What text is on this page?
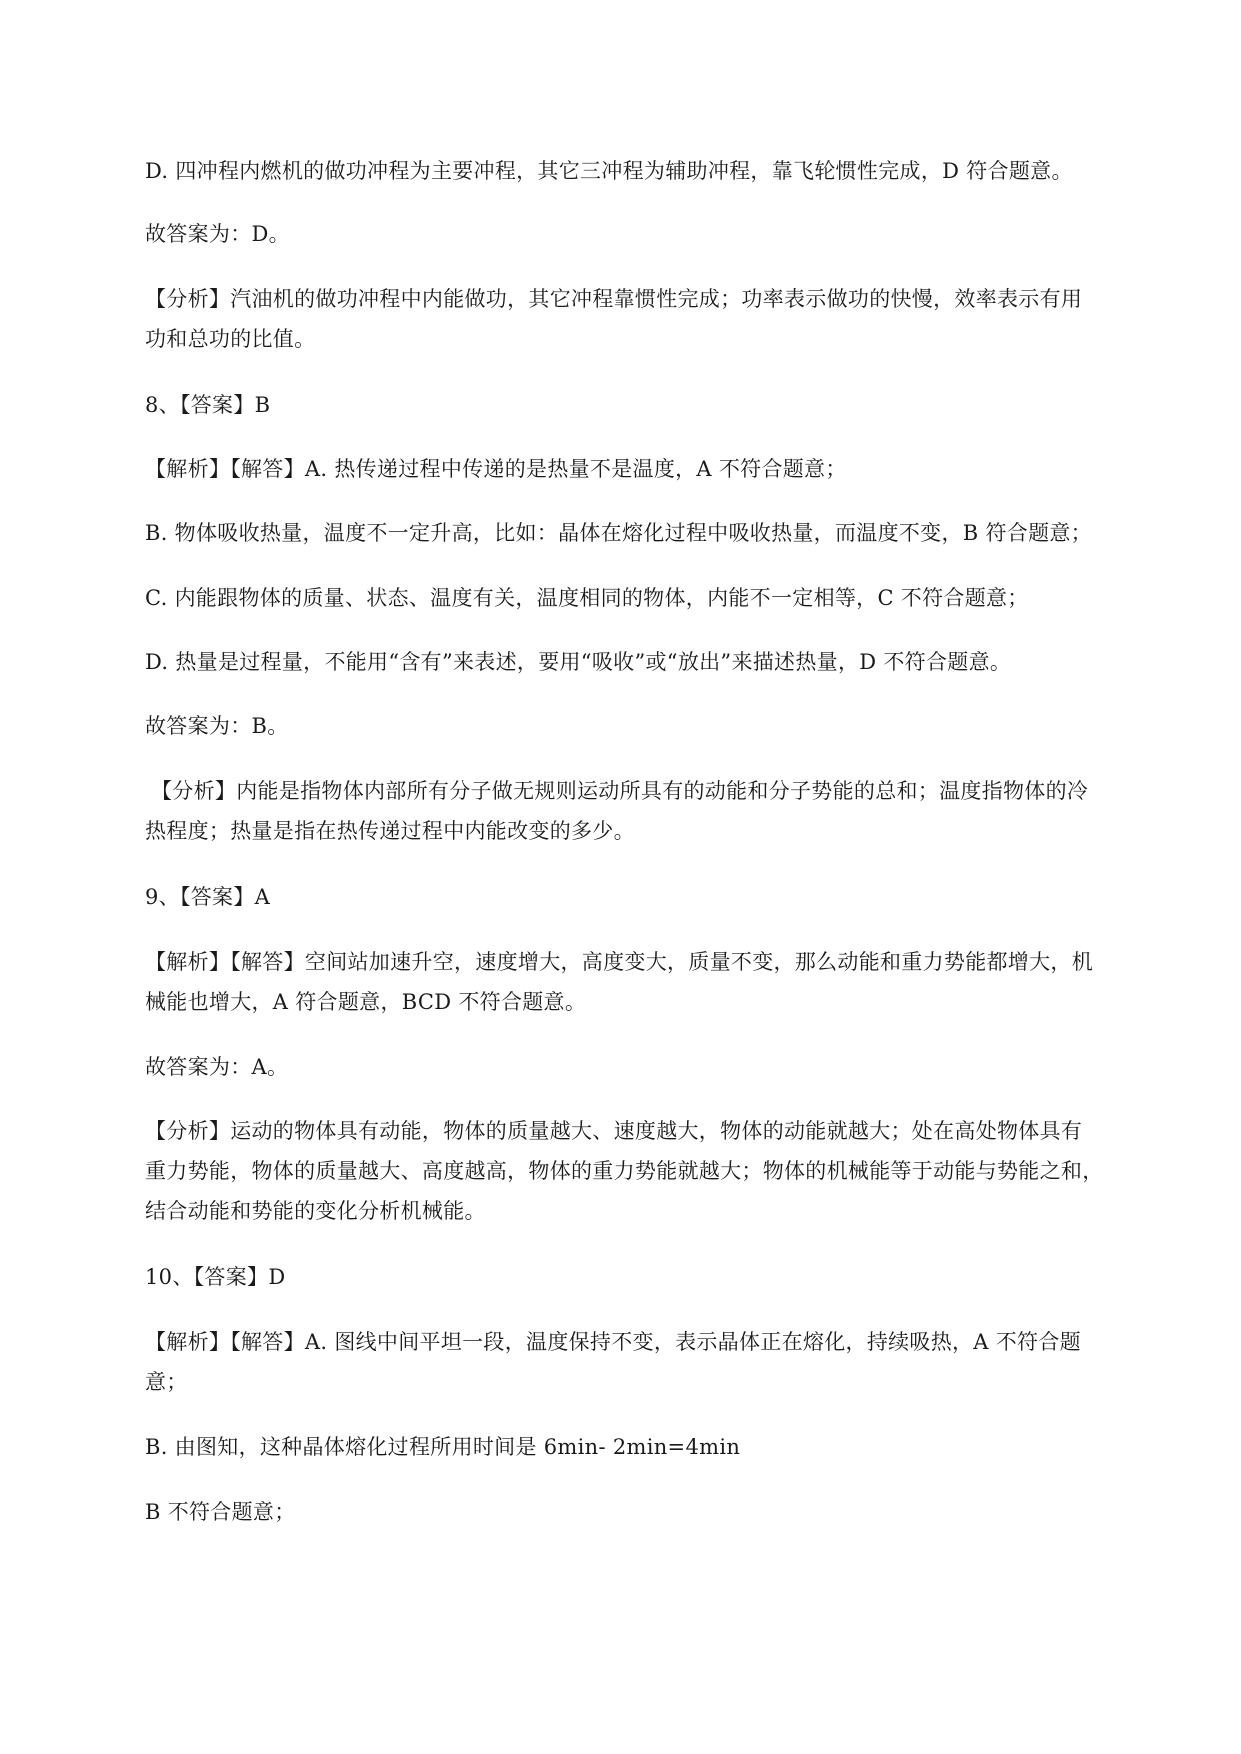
D. 四冲程内燃机的做功冲程为主要冲程，其它三冲程为辅助冲程，靠飞轮惯性完成，D 符合题意。
故答案为：D。
【分析】汽油机的做功冲程中内能做功，其它冲程靠惯性完成；功率表示做功的快慢，效率表示有用
功和总功的比值。
8、【答案】B
【解析】【解答】A. 热传递过程中传递的是热量不是温度，A 不符合题意；
B. 物体吸收热量，温度不一定升高，比如：晶体在熔化过程中吸收热量，而温度不变，B 符合题意；
C. 内能跟物体的质量、状态、温度有关，温度相同的物体，内能不一定相等，C 不符合题意；
D. 热量是过程量，不能用“含有”来表述，要用“吸收”或“放出”来描述热量，D 不符合题意。
故答案为：B。
【分析】内能是指物体内部所有分子做无规则运动所具有的动能和分子势能的总和；温度指物体的冷
热程度；热量是指在热传递过程中内能改变的多少。
9、【答案】A
【解析】【解答】空间站加速升空，速度增大，高度变大，质量不变，那么动能和重力势能都增大，机
械能也增大，A 符合题意，BCD 不符合题意。
故答案为：A。
【分析】运动的物体具有动能，物体的质量越大、速度越大，物体的动能就越大；处在高处物体具有
重力势能，物体的质量越大、高度越高，物体的重力势能就越大；物体的机械能等于动能与势能之和，
结合动能和势能的变化分析机械能。
10、【答案】D
【解析】【解答】A. 图线中间平坦一段，温度保持不变，表示晶体正在熔化，持续吸热，A 不符合题
意；
B. 由图知，这种晶体熔化过程所用时间是 6min- 2min=4min
B 不符合题意；
